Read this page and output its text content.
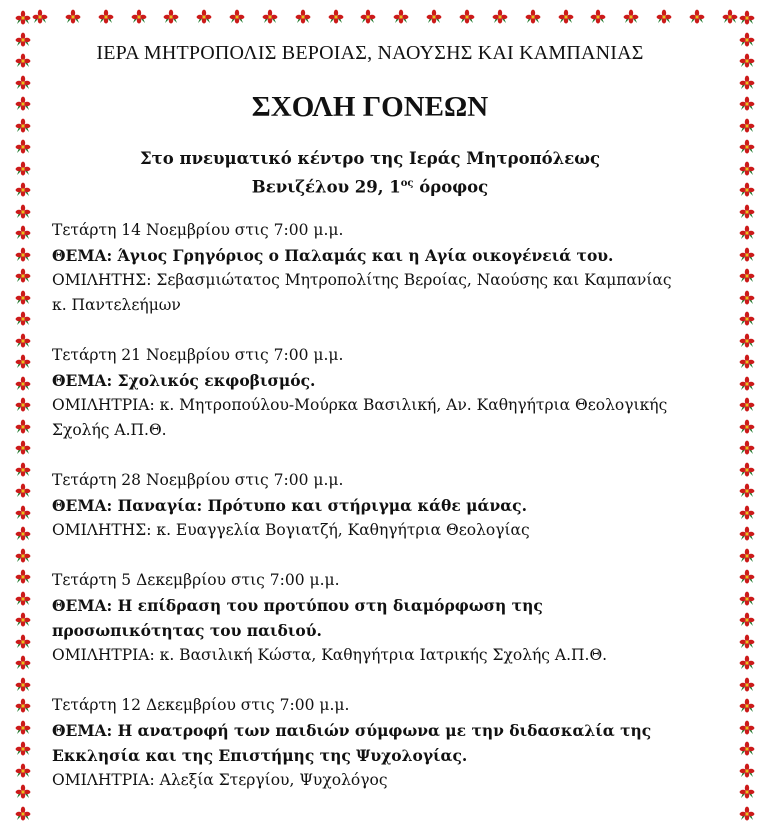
ΙΕΡΑ ΜΗΤΡΟΠΟΛΙΣ ΒΕΡΟΙΑΣ, ΝΑΟΥΣΗΣ ΚΑΙ ΚΑΜΠΑΝΙΑΣ
ΣΧΟΛΗ ΓΟΝΕΩΝ
Στο πνευματικό κέντρο της Ιεράς Μητροπόλεως
Βενιζέλου 29, $1^{o\varsigma}$ όροφος
Τετάρτη 14 Νοεμβρίου στις 7:00 μ.μ.
ΘΕΜΑ: Άγιος Γρηγόριος ο Παλαμάς και η Αγία οικογένειά του.
ΟΜΙΛΗΤΗΣ: Σεβασμιώτατος Μητροπολίτης Βεροίας, Ναούσης και Καμπανίας κ. Παντελεήμων
Τετάρτη 21 Νοεμβρίου στις 7:00 μ.μ.
ΘΕΜΑ: Σχολικός εκφοβισμός.
ΟΜΙΛΗΤΡΙΑ: κ. Μητροπούλου-Μούρκα Βασιλική, Αν. Καθηγήτρια Θεολογικής Σχολής Α.Π.Θ.
Τετάρτη 28 Νοεμβρίου στις 7:00 μ.μ.
ΘΕΜΑ: Παναγία: Πρότυπο και στήριγμα κάθε μάνας.
ΟΜΙΛΗΤΗΣ: κ. Ευαγγελία Βογιατζή, Καθηγήτρια Θεολογίας
Τετάρτη 5 Δεκεμβρίου στις 7:00 μ.μ.
ΘΕΜΑ: Η επίδραση του προτύπου στη διαμόρφωση της προσωπικότητας του παιδιού.
ΟΜΙΛΗΤΡΙΑ: κ. Βασιλική Κώστα, Καθηγήτρια Ιατρικής Σχολής Α.Π.Θ.
Τετάρτη 12 Δεκεμβρίου στις 7:00 μ.μ.
ΘΕΜΑ: Η ανατροφή των παιδιών σύμφωνα με την διδασκαλία της Εκκλησία και της Επιστήμης της Ψυχολογίας.
ΟΜΙΛΗΤΡΙΑ: Αλεξία Στεργίου, Ψυχολόγος
